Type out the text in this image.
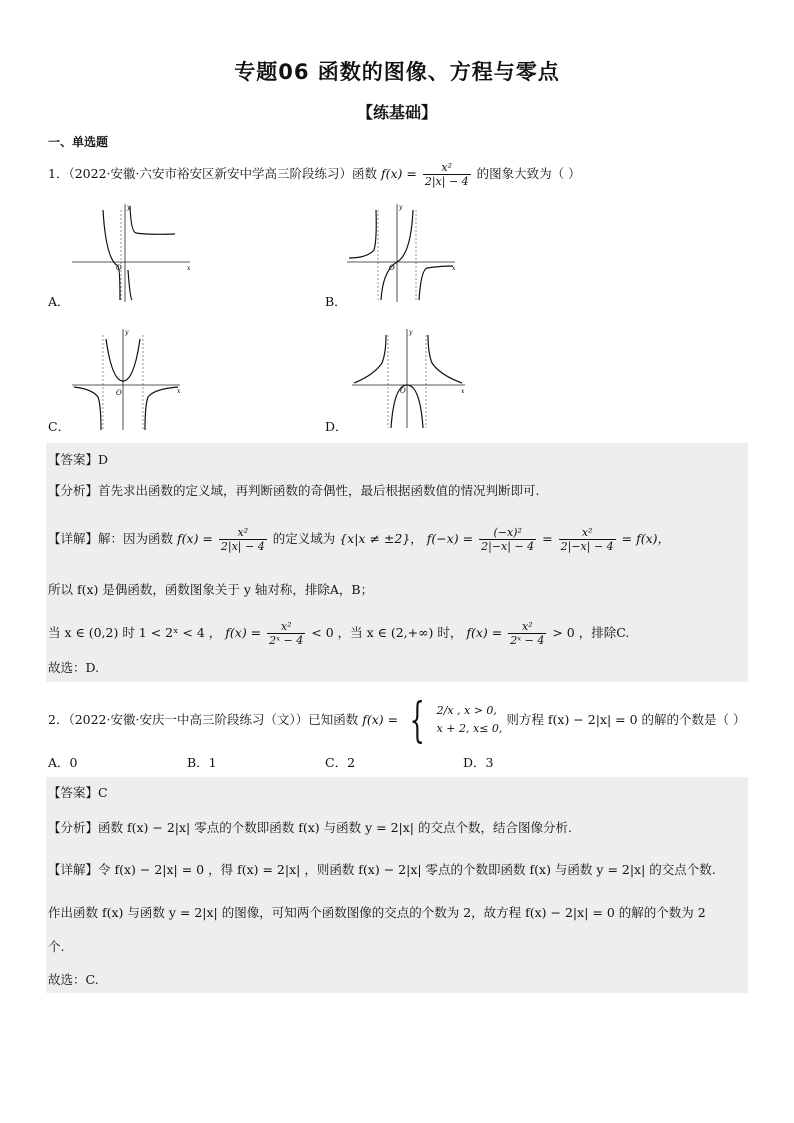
专题06 函数的图像、方程与零点
【练基础】
一、单选题
1．（2022·安徽·六安市裕安区新安中学高三阶段练习）函数 $f(x) = \frac{\text{x²}}{2|x| - 4}$ 的图象大致为（ ）
O	x
y
A．
O	x
y
B．
O	x
y
C．
O	x
y
D．
【答案】D
【分析】首先求出函数的定义域，再判断函数的奇偶性，最后根据函数值的情况判断即可.
【详解】解：因为函数 $f(x) = \frac{\text{x²}}{2|x| - 4}$ 的定义域为 {x|x ≠ ±2}， $f(-x) = \frac{\text{(−x)²}}{2|-x| - 4} = \frac{\text{x²}}{2|-x| - 4} = f(x)$，
所以 f(x) 是偶函数，函数图象关于 y 轴对称，排除A，B；
当 x ∈ (0,2) 时 1 < 2ˣ < 4 ， $f(x) = \frac{\text{x²}}{\text{2ˣ − 4}} < 0$ ，当 x ∈ (2,+∞) 时， $f(x) = \frac{\text{x²}}{\text{2ˣ − 4}} > 0$ ，排除C.
故选：D.
2．（2022·安徽·安庆一中高三阶段练习（文））已知函数 f(x) = { 2/x , x > 0,
x + 2, x≤ 0,
则方程 f(x) − 2|x| = 0 的解的个数是（ ）
A．0	B．1	C．2	D．3
【答案】C
【分析】函数 f(x) − 2|x| 零点的个数即函数 f(x) 与函数 y = 2|x| 的交点个数，结合图像分析.
【详解】令 f(x) − 2|x| = 0 ，得 f(x) = 2|x| ，则函数 f(x) − 2|x| 零点的个数即函数 f(x) 与函数 y = 2|x| 的交点个数.
作出函数 f(x) 与函数 y = 2|x| 的图像，可知两个函数图像的交点的个数为 2，故方程 f(x) − 2|x| = 0 的解的个数为 2
个.
故选：C.
